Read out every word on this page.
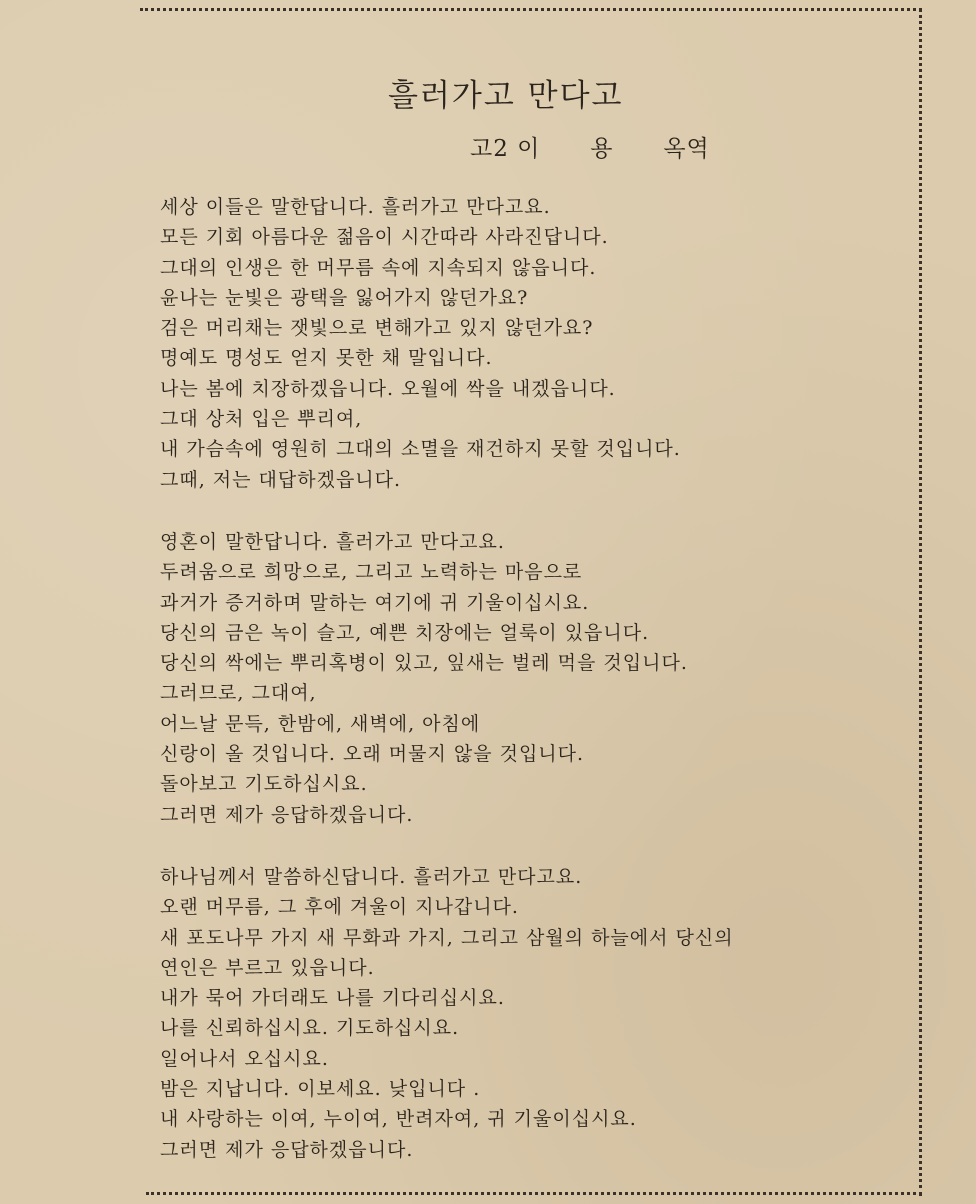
흘러가고 만다고
고2 이      용      옥역
세상 이들은 말한답니다. 흘러가고 만다고요.
모든 기회 아름다운 젊음이 시간따라 사라진답니다.
그대의 인생은 한 머무름 속에 지속되지 않읍니다.
윤나는 눈빛은 광택을 잃어가지 않던가요?
검은 머리채는 잿빛으로 변해가고 있지 않던가요?
명예도 명성도 얻지 못한 채 말입니다.
나는 봄에 치장하겠읍니다. 오월에 싹을 내겠읍니다.
그대 상처 입은 뿌리여,
내 가슴속에 영원히 그대의 소멸을 재건하지 못할 것입니다.
그때, 저는 대답하겠읍니다.
영혼이 말한답니다. 흘러가고 만다고요.
두려움으로 희망으로, 그리고 노력하는 마음으로
과거가 증거하며 말하는 여기에 귀 기울이십시요.
당신의 금은 녹이 슬고, 예쁜 치장에는 얼룩이 있읍니다.
당신의 싹에는 뿌리혹병이 있고, 잎새는 벌레 먹을 것입니다.
그러므로, 그대여,
어느날 문득, 한밤에, 새벽에, 아침에
신랑이 올 것입니다. 오래 머물지 않을 것입니다.
돌아보고 기도하십시요.
그러면 제가 응답하겠읍니다.
하나님께서 말씀하신답니다. 흘러가고 만다고요.
오랜 머무름, 그 후에 겨울이 지나갑니다.
새 포도나무 가지 새 무화과 가지, 그리고 삼월의 하늘에서 당신의
연인은 부르고 있읍니다.
내가 묵어 가더래도 나를 기다리십시요.
나를 신뢰하십시요. 기도하십시요.
일어나서 오십시요.
밤은 지납니다. 이보세요. 낮입니다 .
내 사랑하는 이여, 누이여, 반려자여, 귀 기울이십시요.
그러면 제가 응답하겠읍니다.
